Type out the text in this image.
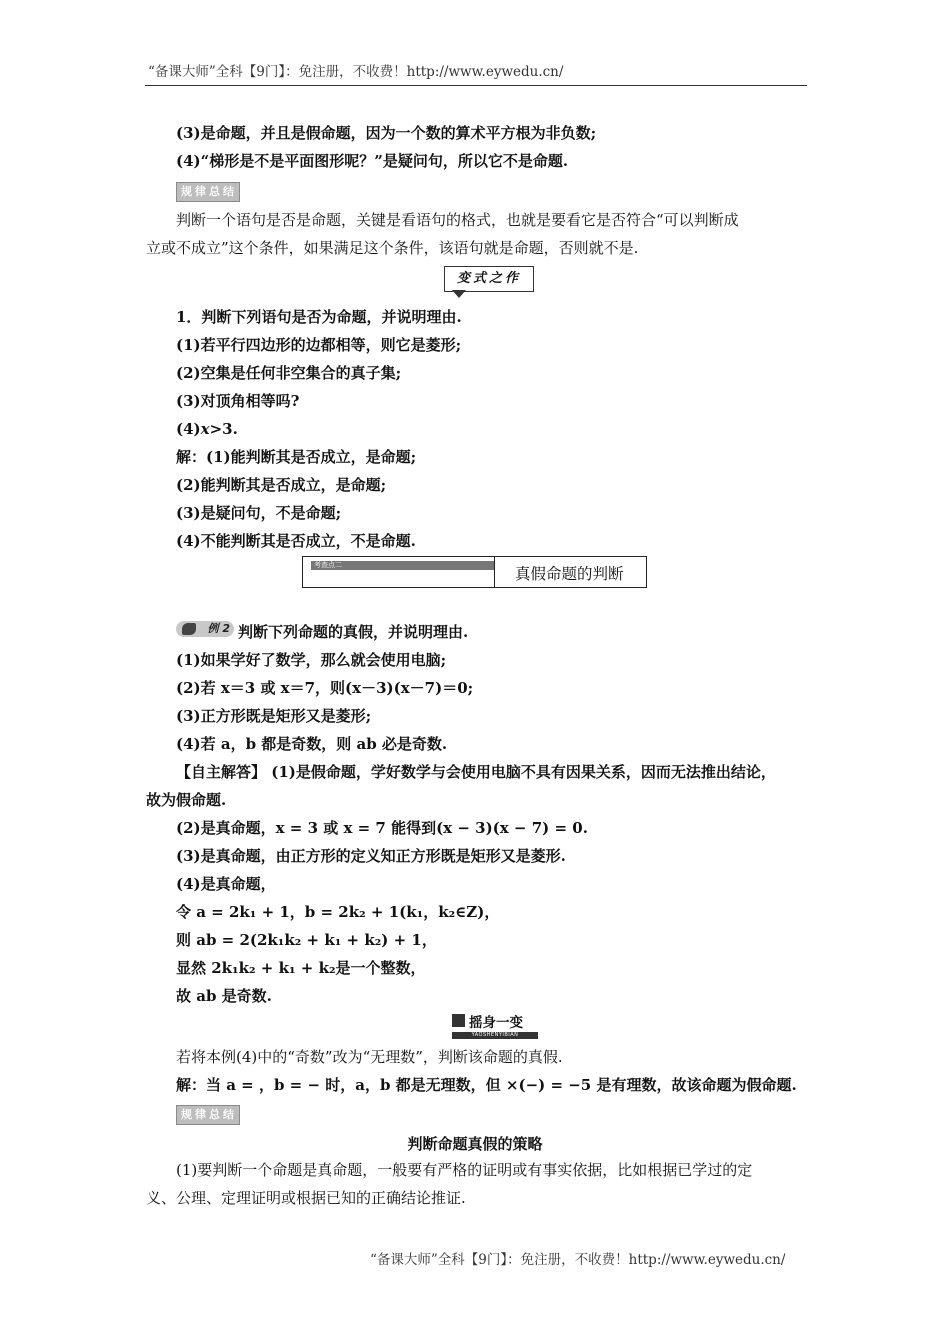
“备课大师”全科【9门】：免注册，不收费！http://www.eywedu.cn/
(3)是命题，并且是假命题，因为一个数的算术平方根为非负数;
(4)“梯形是不是平面图形呢？”是疑问句，所以它不是命题.
规律总结
判断一个语句是否是命题，关键是看语句的格式，也就是要看它是否符合“可以判断成
立或不成立”这个条件，如果满足这个条件，该语句就是命题，否则就不是.
变式之作
1．判断下列语句是否为命题，并说明理由.
(1)若平行四边形的边都相等，则它是菱形;
(2)空集是任何非空集合的真子集;
(3)对顶角相等吗?
(4)x>3.
解：(1)能判断其是否成立，是命题;
(2)能判断其是否成立，是命题;
(3)是疑问句，不是命题;
(4)不能判断其是否成立，不是命题.
考查点二	真假命题的判断
例 2 判断下列命题的真假，并说明理由.
(1)如果学好了数学，那么就会使用电脑;
(2)若 x＝3 或 x＝7，则(x－3)(x－7)＝0;
(3)正方形既是矩形又是菱形;
(4)若 a，b 都是奇数，则 ab 必是奇数.
【自主解答】 (1)是假命题，学好数学与会使用电脑不具有因果关系，因而无法推出结论，
故为假命题.
(2)是真命题，x = 3 或 x = 7 能得到(x − 3)(x − 7) = 0.
(3)是真命题，由正方形的定义知正方形既是矩形又是菱形.
(4)是真命题，
令 a = 2k₁ + 1，b = 2k₂ + 1(k₁，k₂∈Z)，
则 ab = 2(2k₁k₂ + k₁ + k₂) + 1，
显然 2k₁k₂ + k₁ + k₂是一个整数，
故 ab 是奇数.
摇身一变
YAOSHENYIBIAN
若将本例(4)中的“奇数”改为“无理数”，判断该命题的真假.
解：当 a = ，b = − 时，a，b 都是无理数，但 ×(−) = −5 是有理数，故该命题为假命题.
规律总结
判断命题真假的策略
(1)要判断一个命题是真命题，一般要有严格的证明或有事实依据，比如根据已学过的定
义、公理、定理证明或根据已知的正确结论推证.
“备课大师”全科【9门】：免注册，不收费！http://www.eywedu.cn/
